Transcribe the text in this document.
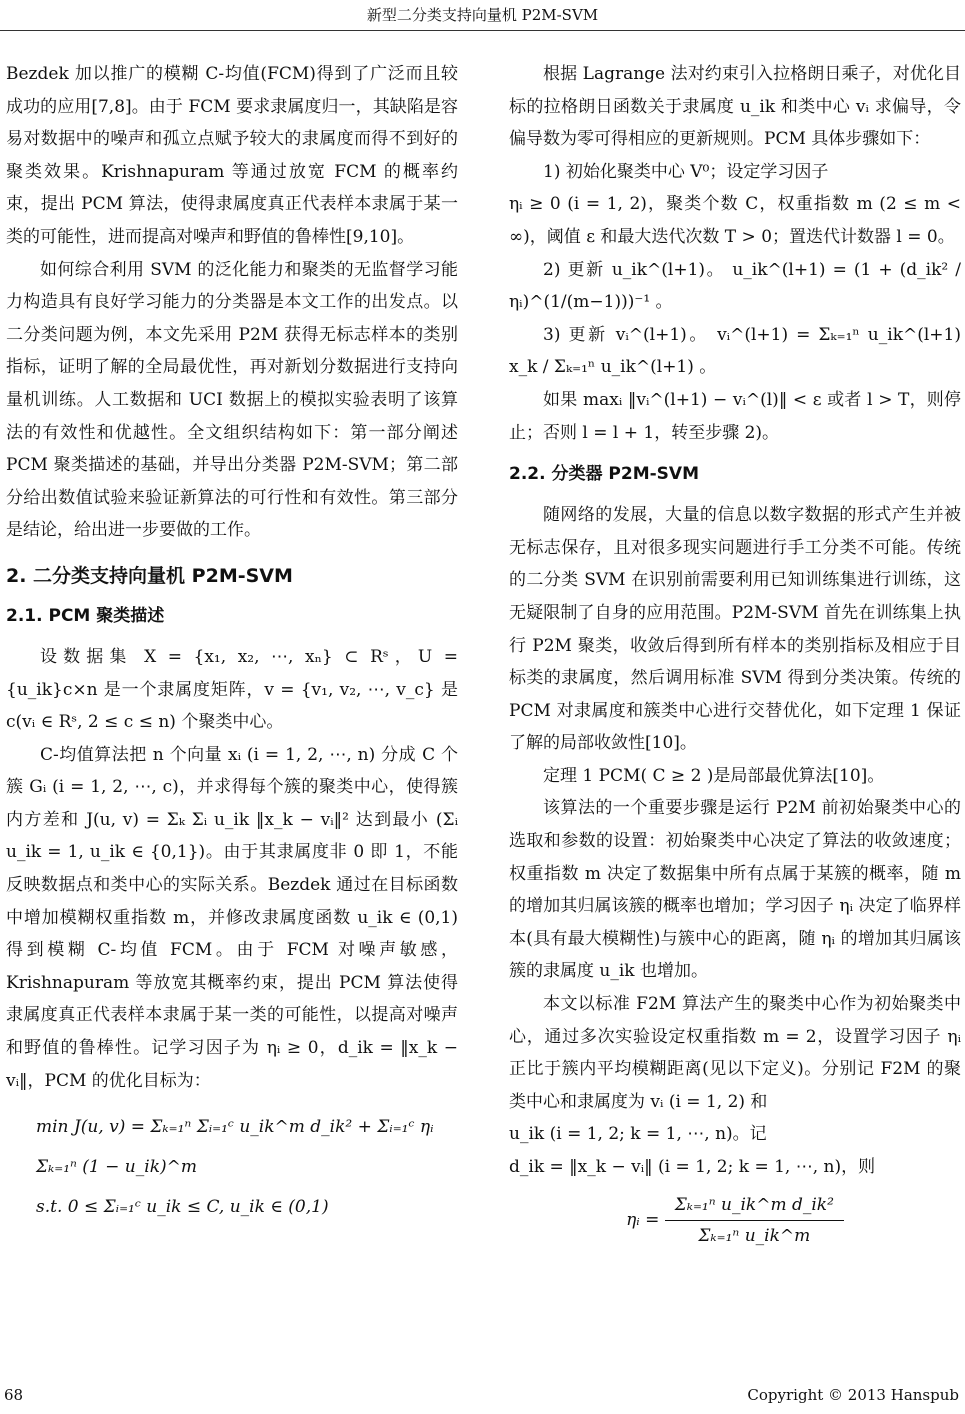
新型二分类支持向量机 P2M-SVM

Bezdek 加以推广的模糊 C-均值(FCM)得到了广泛而且较成功的应用[7,8]。由于 FCM 要求隶属度归一，其缺陷是容易对数据中的噪声和孤立点赋予较大的隶属度而得不到好的聚类效果。Krishnapuram 等通过放宽 FCM 的概率约束，提出 PCM 算法，使得隶属度真正代表样本隶属于某一类的可能性，进而提高对噪声和野值的鲁棒性[9,10]。

如何综合利用 SVM 的泛化能力和聚类的无监督学习能力构造具有良好学习能力的分类器是本文工作的出发点。以二分类问题为例，本文先采用 P2M 获得无标志样本的类别指标，证明了解的全局最优性，再对新划分数据进行支持向量机训练。人工数据和 UCI 数据上的模拟实验表明了该算法的有效性和优越性。全文组织结构如下：第一部分阐述 PCM 聚类描述的基础，并导出分类器 P2M-SVM；第二部分给出数值试验来验证新算法的可行性和有效性。第三部分是结论，给出进一步要做的工作。

2. 二分类支持向量机 P2M-SVM
2.1. PCM 聚类描述

设数据集 X = {x₁, x₂, ⋯, xₙ} ⊂ Rˢ，U = {u_ik}c×n 是一个隶属度矩阵，v = {v₁, v₂, ⋯, v_c} 是 c(vᵢ ∈ Rˢ, 2 ≤ c ≤ n) 个聚类中心。

C-均值算法把 n 个向量 xᵢ (i = 1, 2, ⋯, n) 分成 C 个簇 Gᵢ (i = 1, 2, ⋯, c)，并求得每个簇的聚类中心，使得簇内方差和 J(u, v) = Σₖ Σᵢ u_ik ‖x_k − vᵢ‖² 达到最小 (Σᵢ u_ik = 1, u_ik ∈ {0,1})。由于其隶属度非 0 即 1，不能反映数据点和类中心的实际关系。Bezdek 通过在目标函数中增加模糊权重指数 m，并修改隶属度函数 u_ik ∈ (0,1) 得到模糊 C-均值 FCM。由于 FCM 对噪声敏感，Krishnapuram 等放宽其概率约束，提出 PCM 算法使得隶属度真正代表样本隶属于某一类的可能性，以提高对噪声和野值的鲁棒性。记学习因子为 ηᵢ ≥ 0，d_ik = ‖x_k − vᵢ‖，PCM 的优化目标为：

min J(u, v) = Σₖ₌₁ⁿ Σᵢ₌₁ᶜ u_ik^m d_ik² + Σᵢ₌₁ᶜ ηᵢ Σₖ₌₁ⁿ (1 − u_ik)^m
s.t. 0 ≤ Σᵢ₌₁ᶜ u_ik ≤ C, u_ik ∈ (0,1)

根据 Lagrange 法对约束引入拉格朗日乘子，对优化目标的拉格朗日函数关于隶属度 u_ik 和类中心 vᵢ 求偏导，令偏导数为零可得相应的更新规则。PCM 具体步骤如下：

1) 初始化聚类中心 V⁰；设定学习因子

ηᵢ ≥ 0 (i = 1, 2)，聚类个数 C，权重指数 m (2 ≤ m < ∞)，阈值 ε 和最大迭代次数 T > 0；置迭代计数器 l = 0。

2) 更新 u_ik^(l+1)。 u_ik^(l+1) = (1 + (d_ik² / ηᵢ)^(1/(m−1)))⁻¹ 。

3) 更新 vᵢ^(l+1)。 vᵢ^(l+1) = Σₖ₌₁ⁿ u_ik^(l+1) x_k / Σₖ₌₁ⁿ u_ik^(l+1) 。

如果 maxᵢ ‖vᵢ^(l+1) − vᵢ^(l)‖ < ε 或者 l > T，则停止；否则 l = l + 1，转至步骤 2)。

2.2. 分类器 P2M-SVM

随网络的发展，大量的信息以数字数据的形式产生并被无标志保存，且对很多现实问题进行手工分类不可能。传统的二分类 SVM 在识别前需要利用已知训练集进行训练，这无疑限制了自身的应用范围。P2M-SVM 首先在训练集上执行 P2M 聚类，收敛后得到所有样本的类别指标及相应于目标类的隶属度，然后调用标准 SVM 得到分类决策。传统的 PCM 对隶属度和簇类中心进行交替优化，如下定理 1 保证了解的局部收敛性[10]。

定理 1 PCM( C ≥ 2 )是局部最优算法[10]。

该算法的一个重要步骤是运行 P2M 前初始聚类中心的选取和参数的设置：初始聚类中心决定了算法的收敛速度；权重指数 m 决定了数据集中所有点属于某簇的概率，随 m 的增加其归属该簇的概率也增加；学习因子 ηᵢ 决定了临界样本(具有最大模糊性)与簇中心的距离，随 ηᵢ 的增加其归属该簇的隶属度 u_ik 也增加。

本文以标准 F2M 算法产生的聚类中心作为初始聚类中心，通过多次实验设定权重指数 m = 2，设置学习因子 ηᵢ 正比于簇内平均模糊距离(见以下定义)。分别记 F2M 的聚类中心和隶属度为 vᵢ (i = 1, 2) 和

u_ik (i = 1, 2; k = 1, ⋯, n)。记

d_ik = ‖x_k − vᵢ‖ (i = 1, 2; k = 1, ⋯, n)，则

ηᵢ = $\frac{\text{Σₖ₌₁ⁿ u\_ik\textasciicircum{}m d\_ik²}}{\text{Σₖ₌₁ⁿ u\_ik\textasciicircum{}m}}$
68	Copyright © 2013 Hanspub
